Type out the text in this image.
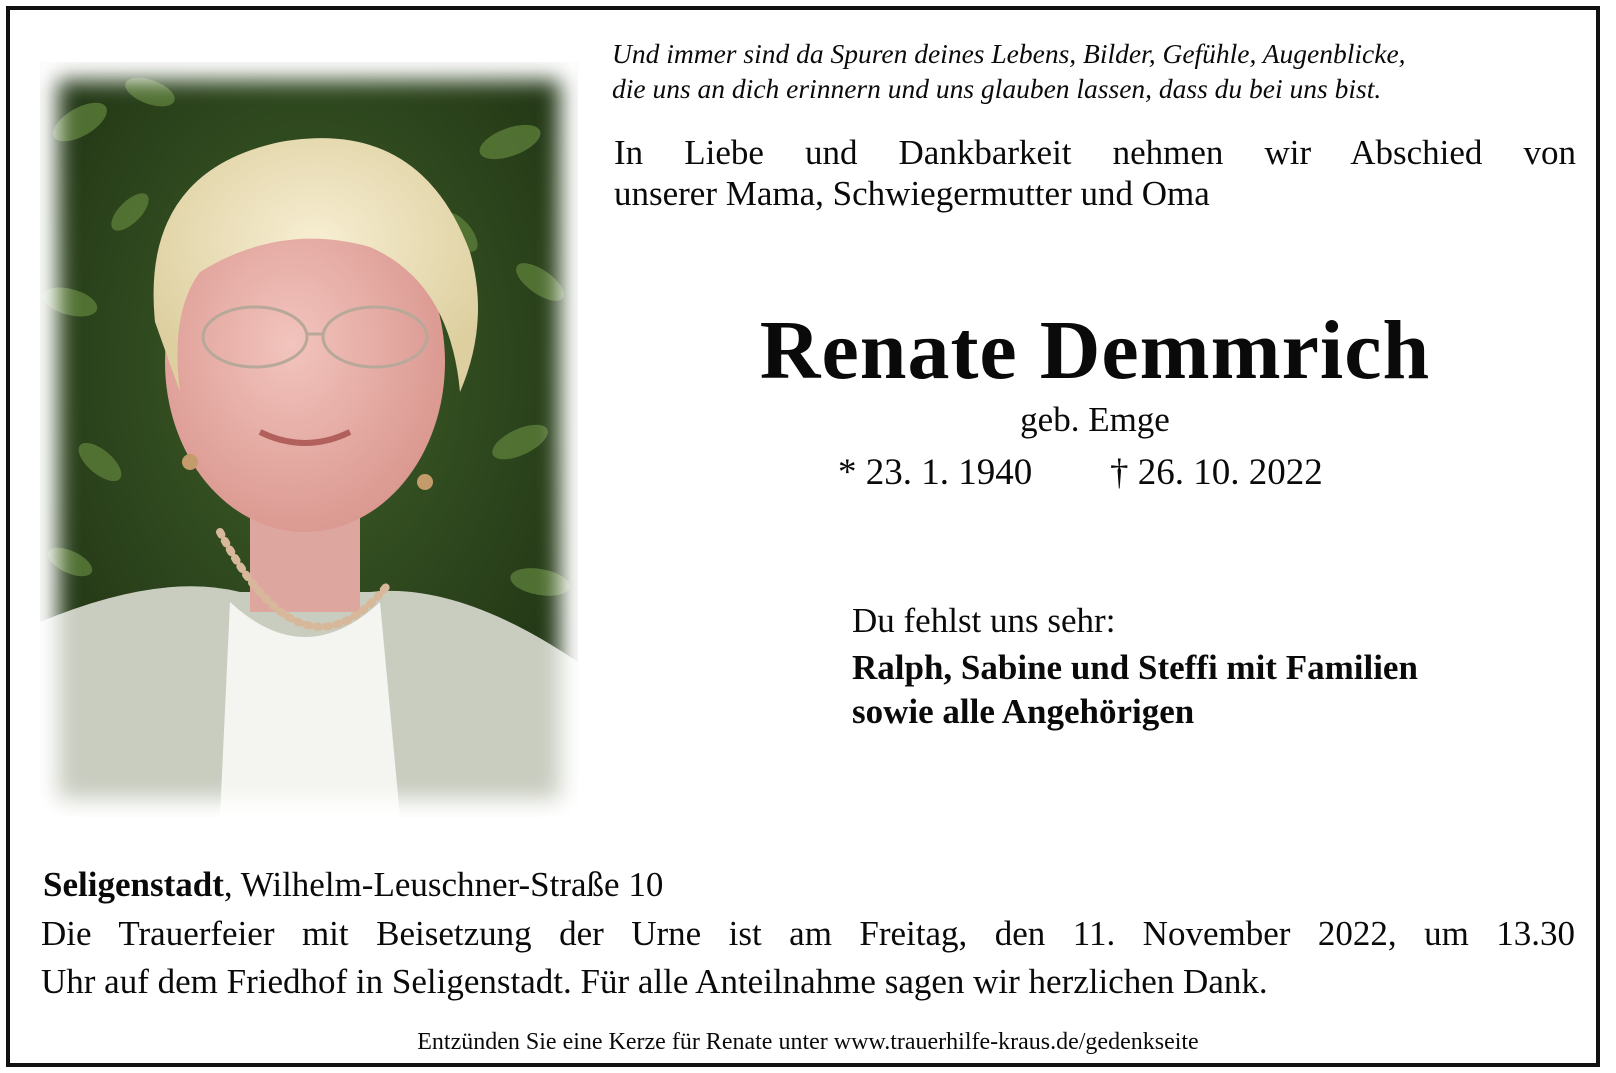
Und immer sind da Spuren deines Lebens, Bilder, Gefühle, Augenblicke,
die uns an dich erinnern und uns glauben lassen, dass du bei uns bist.
In Liebe und Dankbarkeit nehmen wir Abschied von
unserer Mama, Schwiegermutter und Oma
Renate Demmrich
geb. Emge
* 23. 1. 1940 † 26. 10. 2022
Du fehlst uns sehr:
Ralph, Sabine und Steffi mit Familien
sowie alle Angehörigen
Seligenstadt, Wilhelm-Leuschner-Straße 10
Die Trauerfeier mit Beisetzung der Urne ist am Freitag, den 11. November 2022, um 13.30
Uhr auf dem Friedhof in Seligenstadt. Für alle Anteilnahme sagen wir herzlichen Dank.
Entzünden Sie eine Kerze für Renate unter www.trauerhilfe-kraus.de/gedenkseite
